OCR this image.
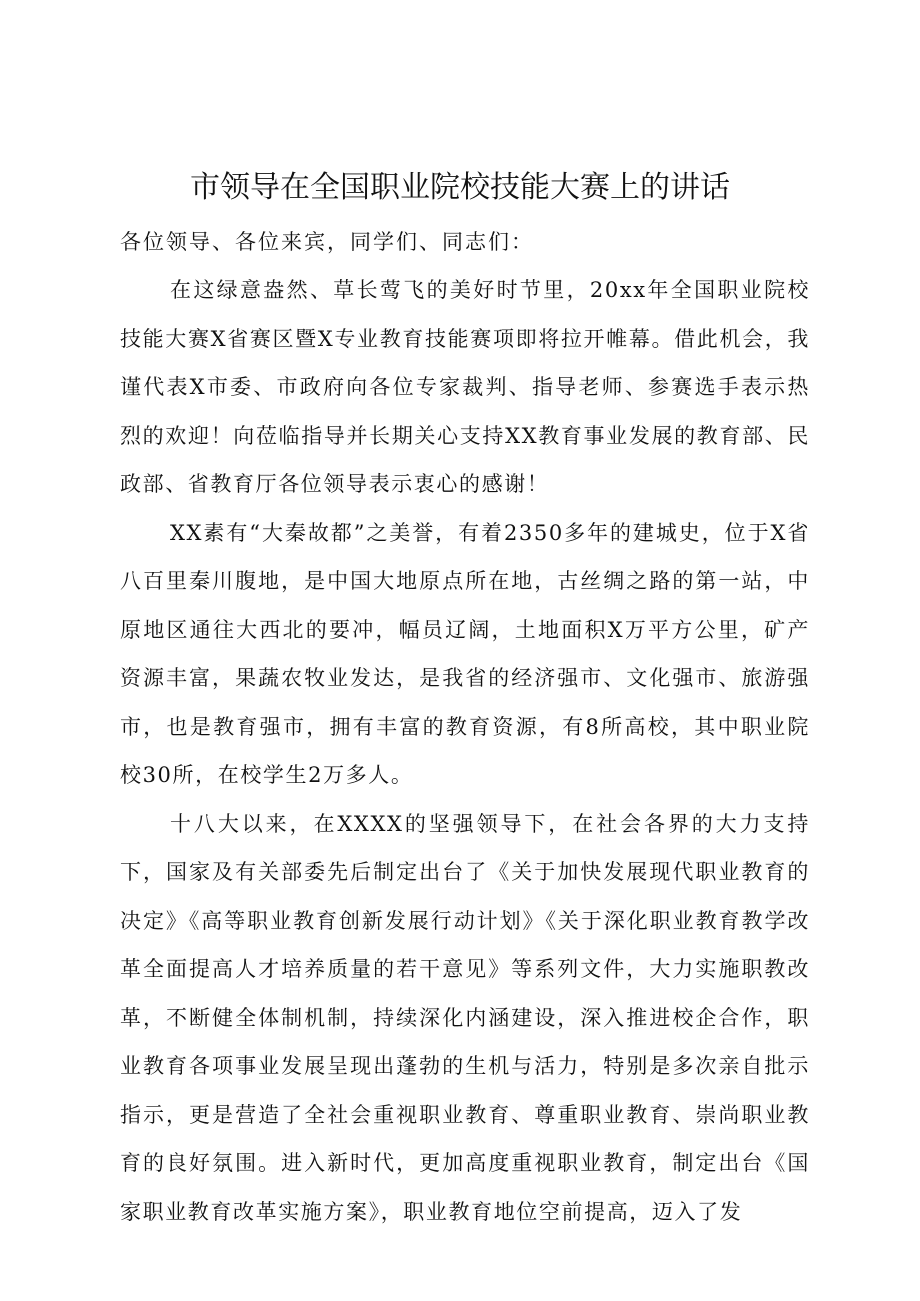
市领导在全国职业院校技能大赛上的讲话

各位领导、各位来宾，同学们、同志们：

在这绿意盎然、草长莺飞的美好时节里，20xx年全国职业院校技能大赛X省赛区暨X专业教育技能赛项即将拉开帷幕。借此机会，我谨代表X市委、市政府向各位专家裁判、指导老师、参赛选手表示热烈的欢迎！向莅临指导并长期关心支持XX教育事业发展的教育部、民政部、省教育厅各位领导表示衷心的感谢！

XX素有“大秦故都”之美誉，有着2350多年的建城史，位于X省八百里秦川腹地，是中国大地原点所在地，古丝绸之路的第一站，中原地区通往大西北的要冲，幅员辽阔，土地面积X万平方公里，矿产资源丰富，果蔬农牧业发达，是我省的经济强市、文化强市、旅游强市，也是教育强市，拥有丰富的教育资源，有8所高校，其中职业院校30所，在校学生2万多人。

十八大以来，在XXXX的坚强领导下，在社会各界的大力支持下，国家及有关部委先后制定出台了《关于加快发展现代职业教育的决定》《高等职业教育创新发展行动计划》《关于深化职业教育教学改革全面提高人才培养质量的若干意见》等系列文件，大力实施职教改革，不断健全体制机制，持续深化内涵建设，深入推进校企合作，职业教育各项事业发展呈现出蓬勃的生机与活力，特别是多次亲自批示指示，更是营造了全社会重视职业教育、尊重职业教育、崇尚职业教育的良好氛围。进入新时代，更加高度重视职业教育，制定出台《国家职业教育改革实施方案》，职业教育地位空前提高，迈入了发
